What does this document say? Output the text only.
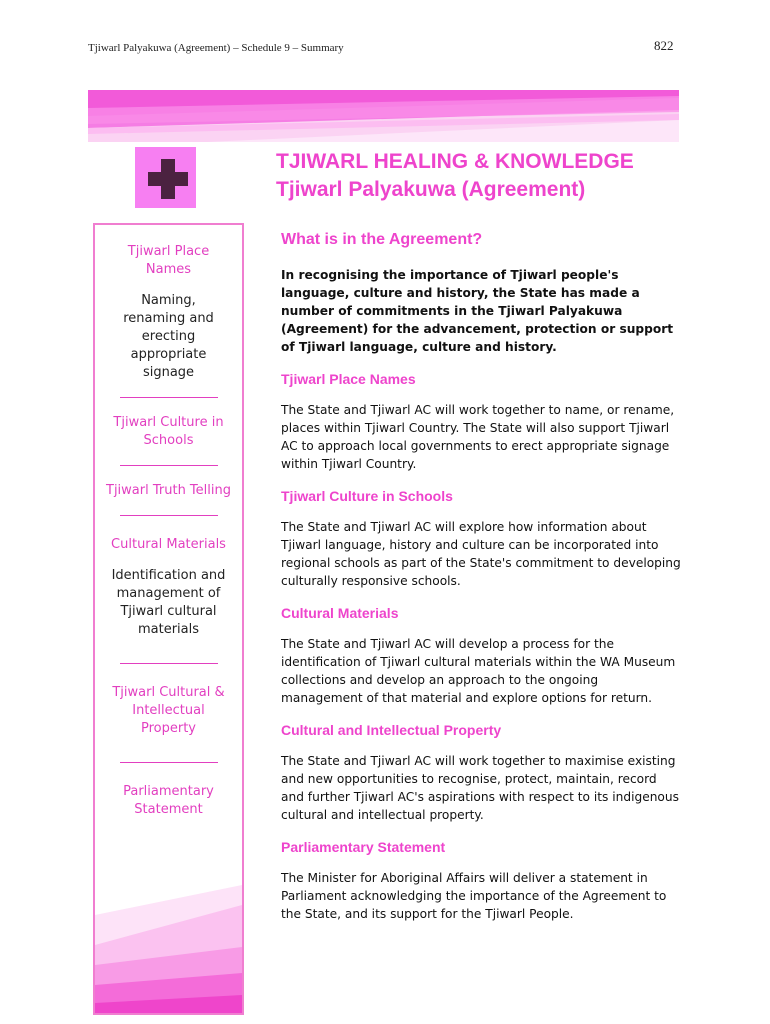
Tjiwarl Palyakuwa (Agreement) – Schedule 9 – Summary	822
TJIWARL HEALING & KNOWLEDGE
Tjiwarl Palyakuwa (Agreement)
Tjiwarl Place Names
Naming, renaming and erecting appropriate signage
Tjiwarl Culture in Schools
Tjiwarl Truth Telling
Cultural Materials
Identification and management of Tjiwarl cultural materials
Tjiwarl Cultural & Intellectual Property
Parliamentary Statement
What is in the Agreement?

In recognising the importance of Tjiwarl people's language, culture and history, the State has made a number of commitments in the Tjiwarl Palyakuwa (Agreement) for the advancement, protection or support of Tjiwarl language, culture and history.

Tjiwarl Place Names

The State and Tjiwarl AC will work together to name, or rename, places within Tjiwarl Country. The State will also support Tjiwarl AC to approach local governments to erect appropriate signage within Tjiwarl Country.

Tjiwarl Culture in Schools

The State and Tjiwarl AC will explore how information about Tjiwarl language, history and culture can be incorporated into regional schools as part of the State's commitment to developing culturally responsive schools.

Cultural Materials

The State and Tjiwarl AC will develop a process for the identification of Tjiwarl cultural materials within the WA Museum collections and develop an approach to the ongoing management of that material and explore options for return.

Cultural and Intellectual Property

The State and Tjiwarl AC will work together to maximise existing and new opportunities to recognise, protect, maintain, record and further Tjiwarl AC's aspirations with respect to its indigenous cultural and intellectual property.

Parliamentary Statement

The Minister for Aboriginal Affairs will deliver a statement in Parliament acknowledging the importance of the Agreement to the State, and its support for the Tjiwarl People.
